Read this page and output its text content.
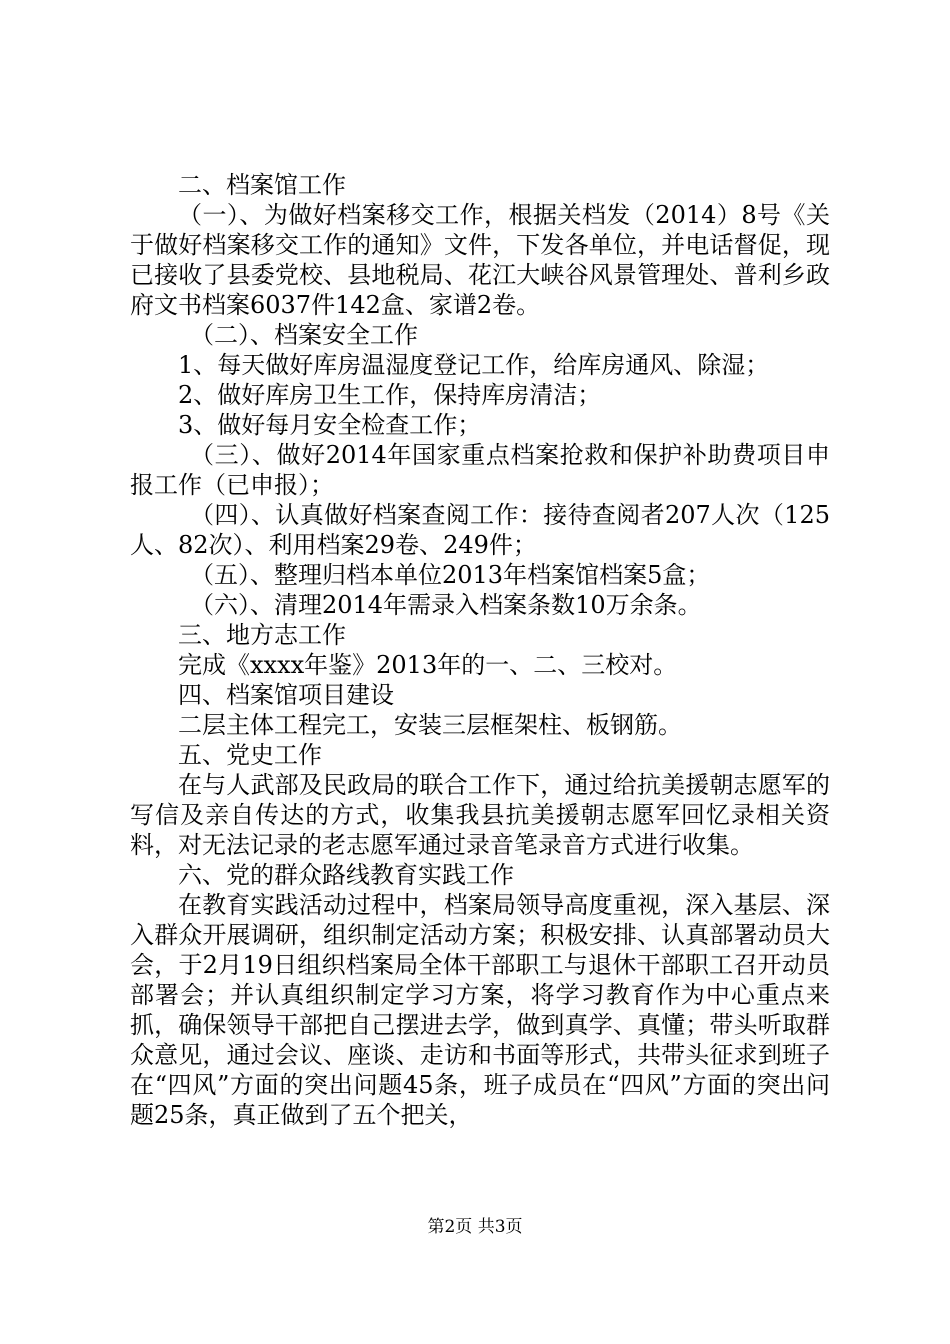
二、档案馆工作

（一）、为做好档案移交工作，根据关档发（2014）8号《关于做好档案移交工作的通知》文件，下发各单位，并电话督促，现已接收了县委党校、县地税局、花江大峡谷风景管理处、普利乡政府文书档案6037件142盒、家谱2卷。

（二）、档案安全工作

1、每天做好库房温湿度登记工作，给库房通风、除湿；

2、做好库房卫生工作，保持库房清洁；

3、做好每月安全检查工作；

（三）、做好2014年国家重点档案抢救和保护补助费项目申报工作（已申报）；

（四）、认真做好档案查阅工作：接待查阅者207人次（125人、82次）、利用档案29卷、249件；

（五）、整理归档本单位2013年档案馆档案5盒；

（六）、清理2014年需录入档案条数10万余条。

三、地方志工作

完成《xxxx年鉴》2013年的一、二、三校对。

四、档案馆项目建设

二层主体工程完工，安装三层框架柱、板钢筋。

五、党史工作

在与人武部及民政局的联合工作下，通过给抗美援朝志愿军的写信及亲自传达的方式，收集我县抗美援朝志愿军回忆录相关资料，对无法记录的老志愿军通过录音笔录音方式进行收集。

六、党的群众路线教育实践工作

在教育实践活动过程中，档案局领导高度重视，深入基层、深入群众开展调研，组织制定活动方案；积极安排、认真部署动员大会，于2月19日组织档案局全体干部职工与退休干部职工召开动员部署会；并认真组织制定学习方案，将学习教育作为中心重点来抓，确保领导干部把自己摆进去学，做到真学、真懂；带头听取群众意见，通过会议、座谈、走访和书面等形式，共带头征求到班子在“四风”方面的突出问题45条，班子成员在“四风”方面的突出问题25条，真正做到了五个把关，

第2页 共3页
